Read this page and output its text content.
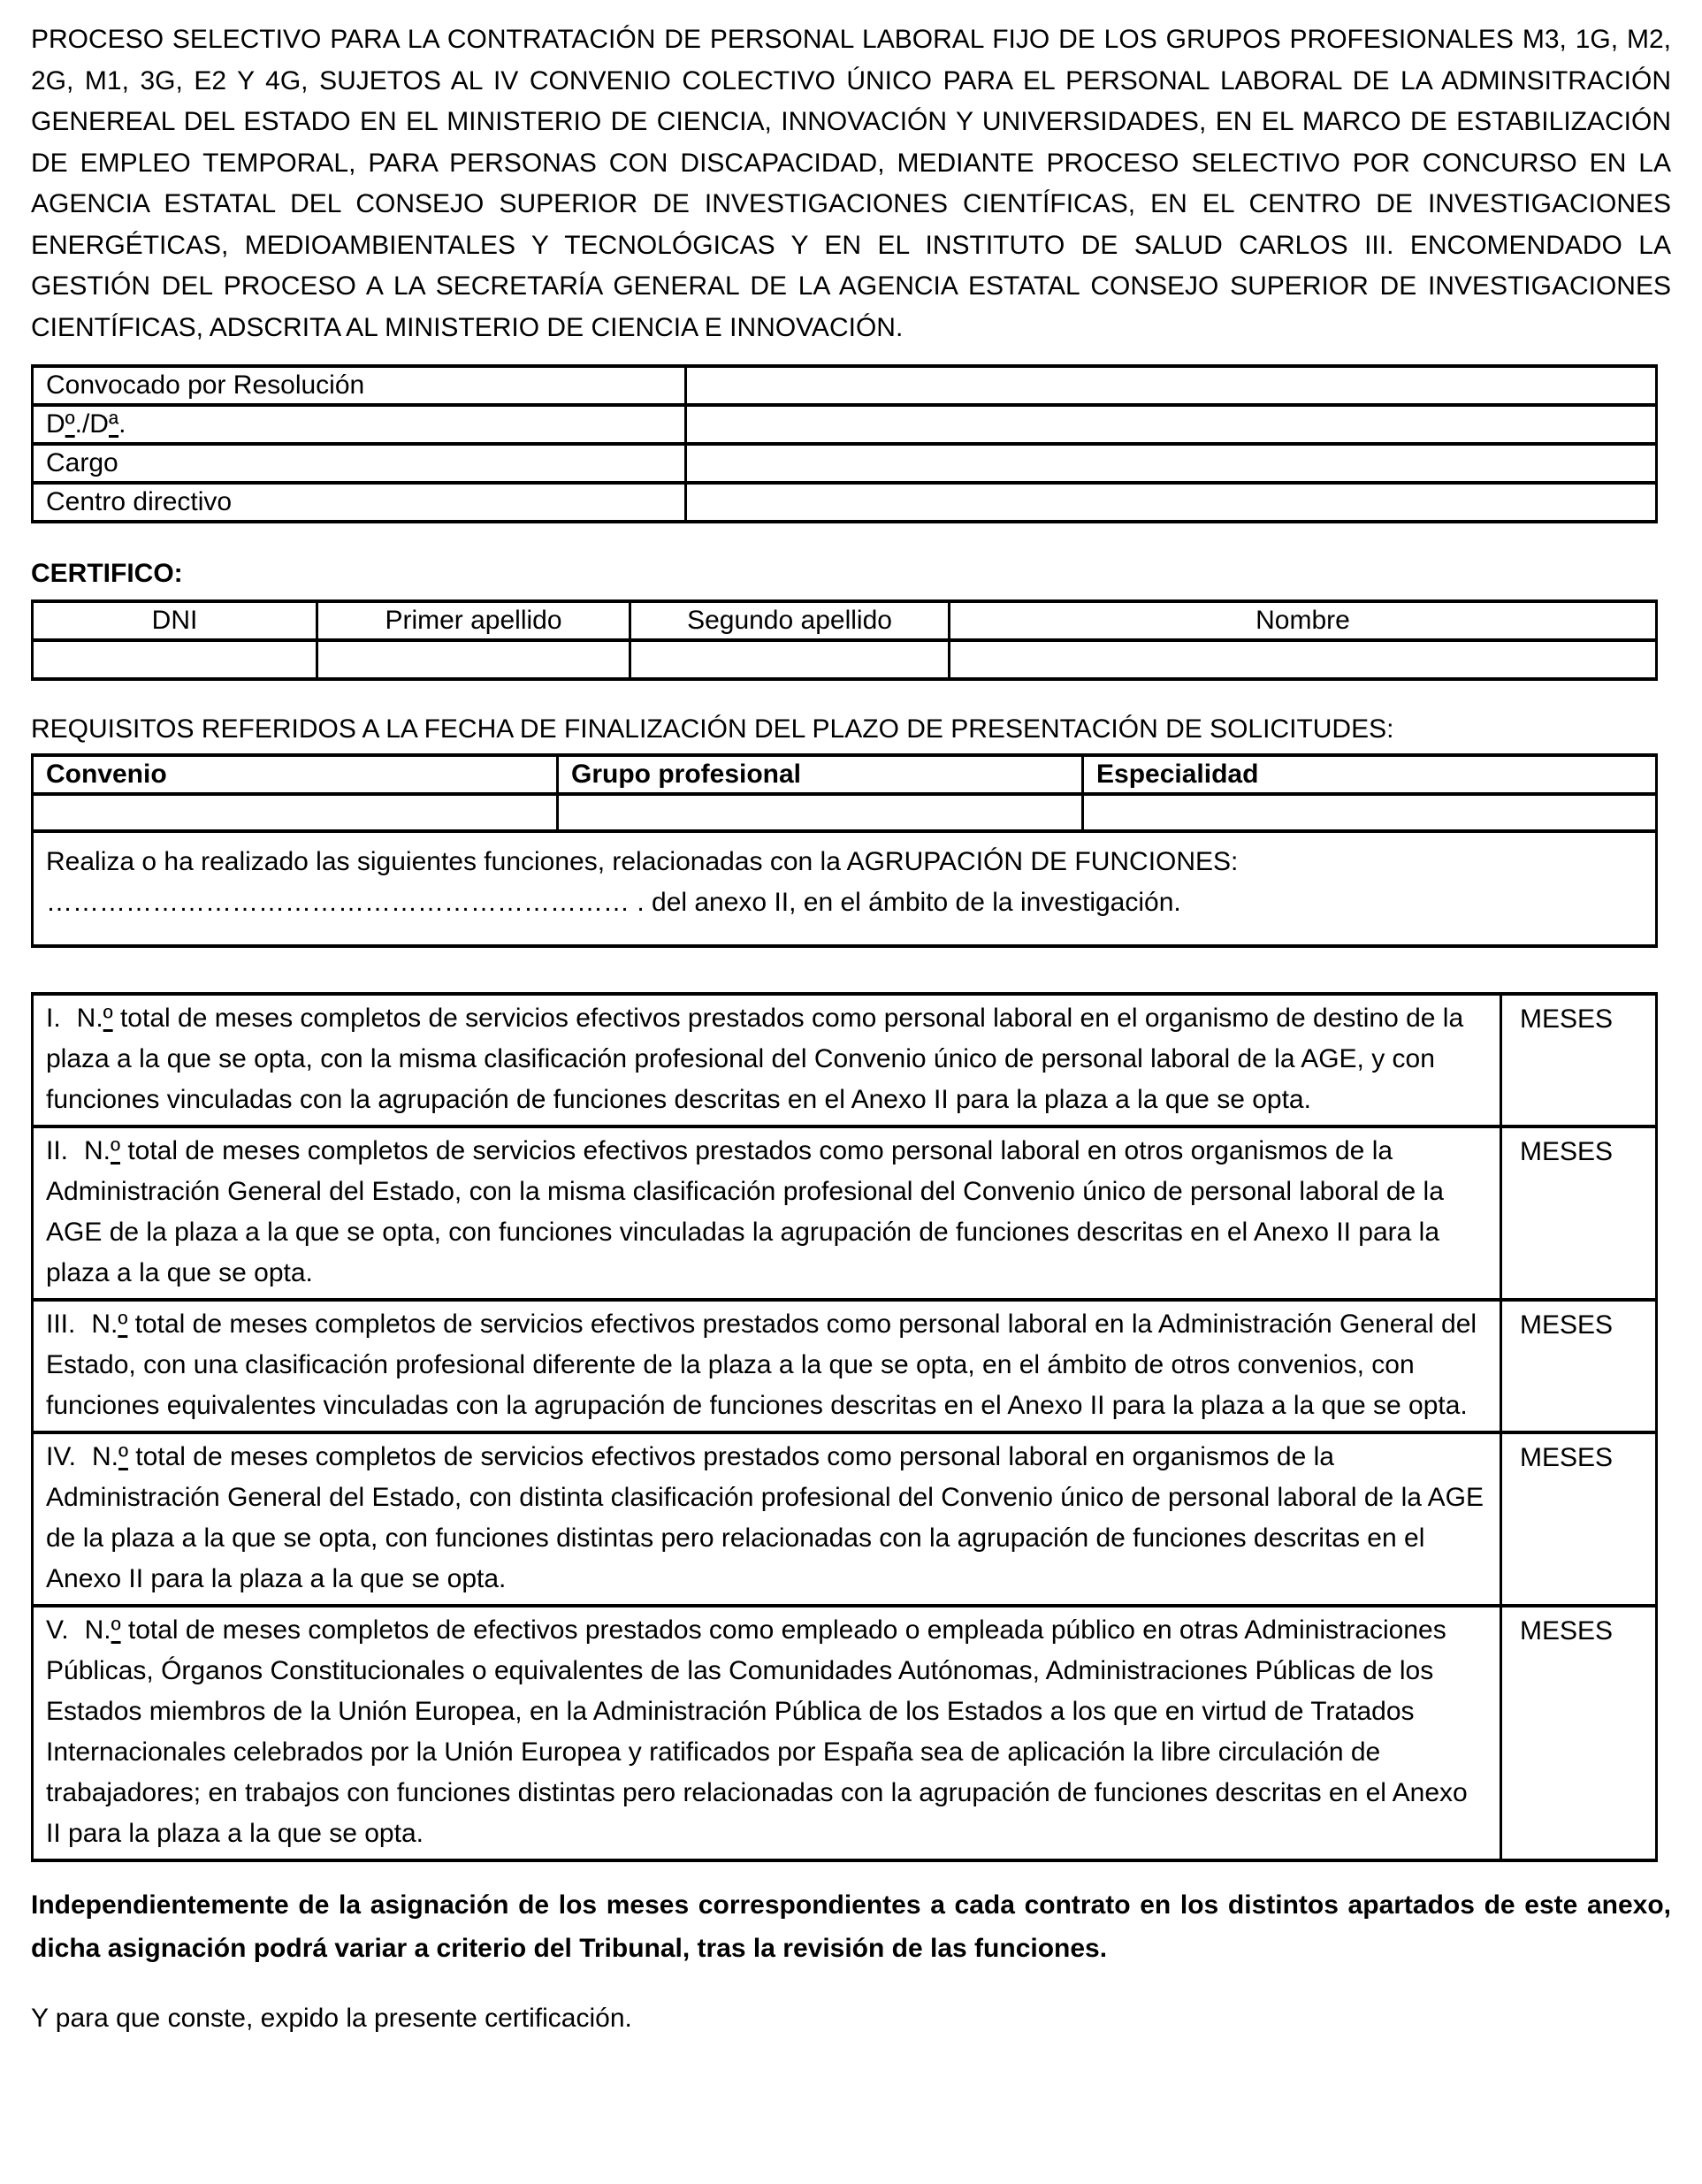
PROCESO SELECTIVO PARA LA CONTRATACIÓN DE PERSONAL LABORAL FIJO DE LOS GRUPOS PROFESIONALES M3, 1G, M2, 2G, M1, 3G, E2 Y 4G, SUJETOS AL IV CONVENIO COLECTIVO ÚNICO PARA EL PERSONAL LABORAL DE LA ADMINSITRACIÓN GENEREAL DEL ESTADO EN EL MINISTERIO DE CIENCIA, INNOVACIÓN Y UNIVERSIDADES, EN EL MARCO DE ESTABILIZACIÓN DE EMPLEO TEMPORAL, PARA PERSONAS CON DISCAPACIDAD, MEDIANTE PROCESO SELECTIVO POR CONCURSO EN LA AGENCIA ESTATAL DEL CONSEJO SUPERIOR DE INVESTIGACIONES CIENTÍFICAS, EN EL CENTRO DE INVESTIGACIONES ENERGÉTICAS, MEDIOAMBIENTALES Y TECNOLÓGICAS Y EN EL INSTITUTO DE SALUD CARLOS III. ENCOMENDADO LA GESTIÓN DEL PROCESO A LA SECRETARÍA GENERAL DE LA AGENCIA ESTATAL CONSEJO SUPERIOR DE INVESTIGACIONES CIENTÍFICAS, ADSCRITA AL MINISTERIO DE CIENCIA E INNOVACIÓN.

Convocado por Resolución	
Dº./Dª.	
Cargo	
Centro directivo	
CERTIFICO:
DNI	Primer apellido	Segundo apellido	Nombre

REQUISITOS REFERIDOS A LA FECHA DE FINALIZACIÓN DEL PLAZO DE PRESENTACIÓN DE SOLICITUDES:

Convenio	Grupo profesional	Especialidad

Realiza o ha realizado las siguientes funciones, relacionadas con la AGRUPACIÓN DE FUNCIONES:
………………………………………………………… . del anexo II, en el ámbito de la investigación.		
I. N.º total de meses completos de servicios efectivos prestados como personal laboral en el organismo de destino de la plaza a la que se opta, con la misma clasificación profesional del Convenio único de personal laboral de la AGE, y con funciones vinculadas con la agrupación de funciones descritas en el Anexo II para la plaza a la que se opta.	MESES
II. N.º total de meses completos de servicios efectivos prestados como personal laboral en otros organismos de la Administración General del Estado, con la misma clasificación profesional del Convenio único de personal laboral de la AGE de la plaza a la que se opta, con funciones vinculadas la agrupación de funciones descritas en el Anexo II para la plaza a la que se opta.	MESES
III. N.º total de meses completos de servicios efectivos prestados como personal laboral en la Administración General del Estado, con una clasificación profesional diferente de la plaza a la que se opta, en el ámbito de otros convenios, con funciones equivalentes vinculadas con la agrupación de funciones descritas en el Anexo II para la plaza a la que se opta.	MESES
IV. N.º total de meses completos de servicios efectivos prestados como personal laboral en organismos de la Administración General del Estado, con distinta clasificación profesional del Convenio único de personal laboral de la AGE de la plaza a la que se opta, con funciones distintas pero relacionadas con la agrupación de funciones descritas en el Anexo II para la plaza a la que se opta.	MESES
V. N.º total de meses completos de efectivos prestados como empleado o empleada público en otras Administraciones Públicas, Órganos Constitucionales o equivalentes de las Comunidades Autónomas, Administraciones Públicas de los Estados miembros de la Unión Europea, en la Administración Pública de los Estados a los que en virtud de Tratados Internacionales celebrados por la Unión Europea y ratificados por España sea de aplicación la libre circulación de trabajadores; en trabajos con funciones distintas pero relacionadas con la agrupación de funciones descritas en el Anexo II para la plaza a la que se opta.	MESES

Independientemente de la asignación de los meses correspondientes a cada contrato en los distintos apartados de este anexo, dicha asignación podrá variar a criterio del Tribunal, tras la revisión de las funciones.

Y para que conste, expido la presente certificación.
